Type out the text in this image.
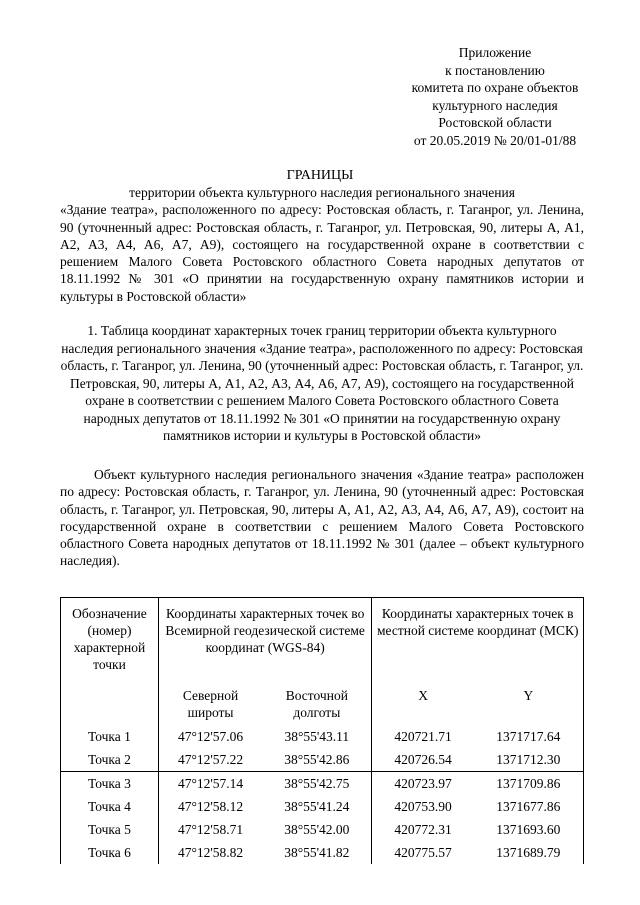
Приложение
к постановлению
комитета по охране объектов
культурного наследия
Ростовской области
от 20.05.2019 № 20/01-01/88
ГРАНИЦЫ
территории объекта культурного наследия регионального значения
«Здание театра», расположенного по адресу: Ростовская область, г. Таганрог, ул. Ленина, 90 (уточненный адрес: Ростовская область, г. Таганрог, ул. Петровская, 90, литеры А, А1, А2, А3, А4, А6, А7, А9), состоящего на государственной охране в соответствии с решением Малого Совета Ростовского областного Совета народных депутатов от 18.11.1992 № 301 «О принятии на государственную охрану памятников истории и культуры в Ростовской области»
1. Таблица координат характерных точек границ территории объекта культурного наследия регионального значения «Здание театра», расположенного по адресу: Ростовская область, г. Таганрог, ул. Ленина, 90 (уточненный адрес: Ростовская область, г. Таганрог, ул. Петровская, 90, литеры А, А1, А2, А3, А4, А6, А7, А9), состоящего на государственной охране в соответствии с решением Малого Совета Ростовского областного Совета народных депутатов от 18.11.1992 № 301 «О принятии на государственную охрану памятников истории и культуры в Ростовской области»
Объект культурного наследия регионального значения «Здание театра» расположен по адресу: Ростовская область, г. Таганрог, ул. Ленина, 90 (уточненный адрес: Ростовская область, г. Таганрог, ул. Петровская, 90, литеры А, А1, А2, А3, А4, А6, А7, А9), состоит на государственной охране в соответствии с решением Малого Совета Ростовского областного Совета народных депутатов от 18.11.1992 № 301 (далее – объект культурного наследия).
Обозначение (номер) характерной точки	Координаты характерных точек во Всемирной геодезической системе координат (WGS-84)		Координаты характерных точек в местной системе координат (МСК)	
	Северной широты	Восточной долготы	X	Y
Точка 1	47°12'57.06	38°55'43.11	420721.71	1371717.64
Точка 2	47°12'57.22	38°55'42.86	420726.54	1371712.30
Точка 3	47°12'57.14	38°55'42.75	420723.97	1371709.86
Точка 4	47°12'58.12	38°55'41.24	420753.90	1371677.86
Точка 5	47°12'58.71	38°55'42.00	420772.31	1371693.60
Точка 6	47°12'58.82	38°55'41.82	420775.57	1371689.79
